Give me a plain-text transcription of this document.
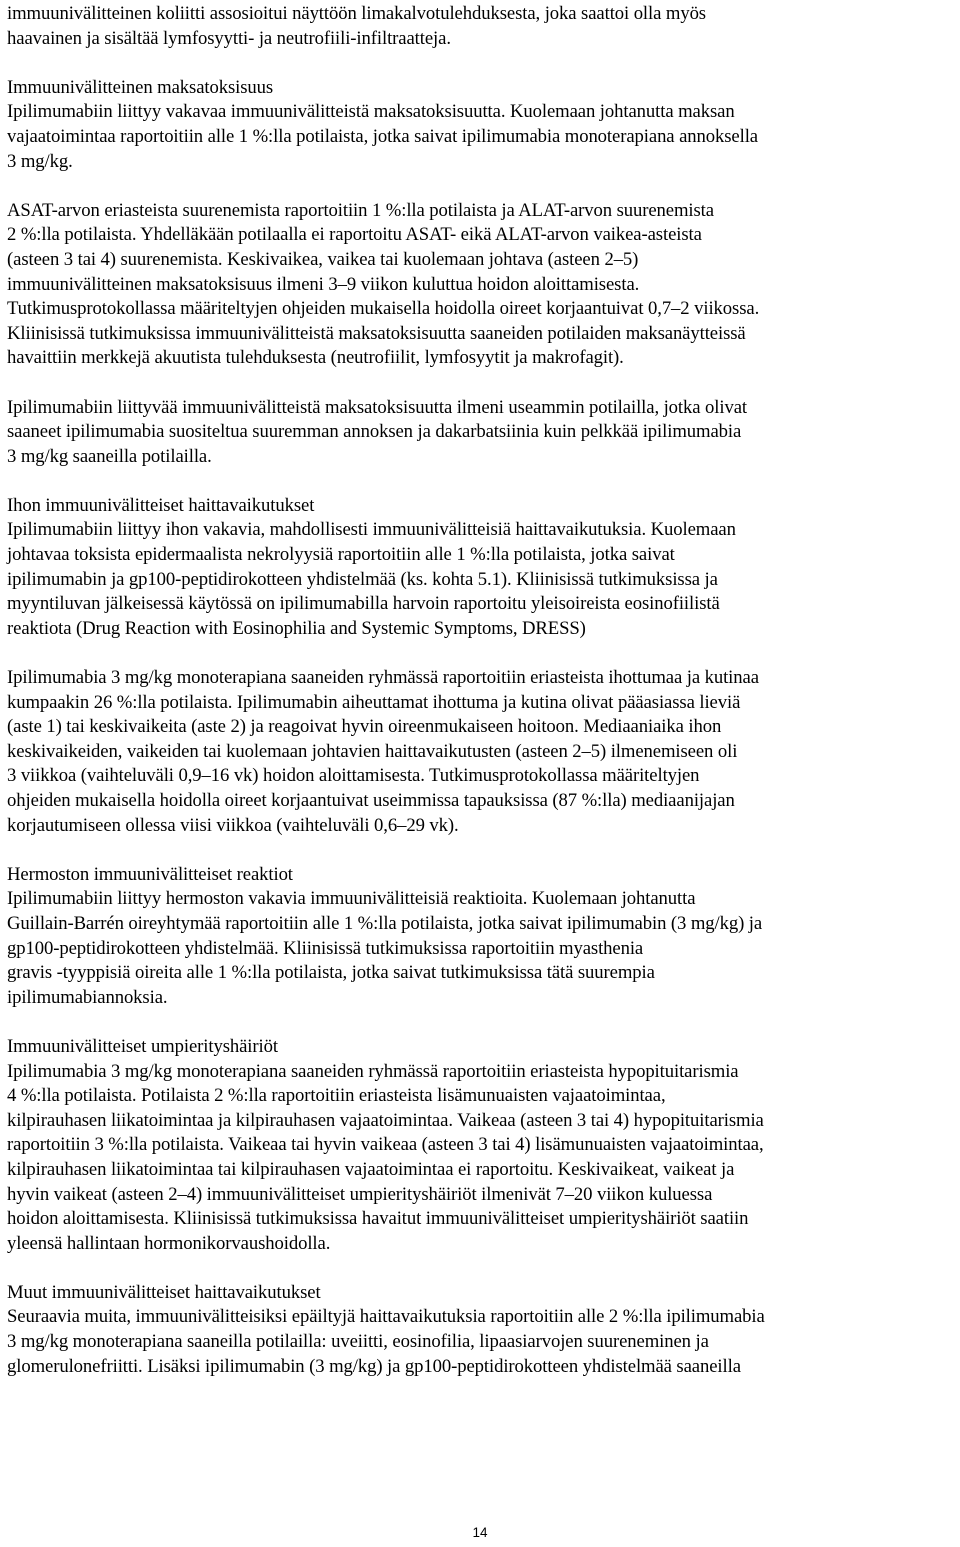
immuunivälitteinen koliitti assosioitui näyttöön limakalvotulehduksesta, joka saattoi olla myös
haavainen ja sisältää lymfosyytti- ja neutrofiili-infiltraatteja.

Immuunivälitteinen maksatoksisuus
Ipilimumabiin liittyy vakavaa immuunivälitteistä maksatoksisuutta. Kuolemaan johtanutta maksan
vajaatoimintaa raportoitiin alle 1 %:lla potilaista, jotka saivat ipilimumabia monoterapiana annoksella
3 mg/kg.

ASAT-arvon eriasteista suurenemista raportoitiin 1 %:lla potilaista ja ALAT-arvon suurenemista
2 %:lla potilaista. Yhdelläkään potilaalla ei raportoitu ASAT- eikä ALAT-arvon vaikea-asteista
(asteen 3 tai 4) suurenemista. Keskivaikea, vaikea tai kuolemaan johtava (asteen 2–5)
immuunivälitteinen maksatoksisuus ilmeni 3–9 viikon kuluttua hoidon aloittamisesta.
Tutkimusprotokollassa määriteltyjen ohjeiden mukaisella hoidolla oireet korjaantuivat 0,7–2 viikossa.
Kliinisissä tutkimuksissa immuunivälitteistä maksatoksisuutta saaneiden potilaiden maksanäytteissä
havaittiin merkkejä akuutista tulehduksesta (neutrofiilit, lymfosyytit ja makrofagit).

Ipilimumabiin liittyvää immuunivälitteistä maksatoksisuutta ilmeni useammin potilailla, jotka olivat
saaneet ipilimumabia suositeltua suuremman annoksen ja dakarbatsiinia kuin pelkkää ipilimumabia
3 mg/kg saaneilla potilailla.

Ihon immuunivälitteiset haittavaikutukset
Ipilimumabiin liittyy ihon vakavia, mahdollisesti immuunivälitteisiä haittavaikutuksia. Kuolemaan
johtavaa toksista epidermaalista nekrolyysiä raportoitiin alle 1 %:lla potilaista, jotka saivat
ipilimumabin ja gp100-peptidirokotteen yhdistelmää (ks. kohta 5.1). Kliinisissä tutkimuksissa ja
myyntiluvan jälkeisessä käytössä on ipilimumabilla harvoin raportoitu yleisoireista eosinofiilistä
reaktiota (Drug Reaction with Eosinophilia and Systemic Symptoms, DRESS)

Ipilimumabia 3 mg/kg monoterapiana saaneiden ryhmässä raportoitiin eriasteista ihottumaa ja kutinaa
kumpaakin 26 %:lla potilaista. Ipilimumabin aiheuttamat ihottuma ja kutina olivat pääasiassa lieviä
(aste 1) tai keskivaikeita (aste 2) ja reagoivat hyvin oireenmukaiseen hoitoon. Mediaaniaika ihon
keskivaikeiden, vaikeiden tai kuolemaan johtavien haittavaikutusten (asteen 2–5) ilmenemiseen oli
3 viikkoa (vaihteluväli 0,9–16 vk) hoidon aloittamisesta. Tutkimusprotokollassa määriteltyjen
ohjeiden mukaisella hoidolla oireet korjaantuivat useimmissa tapauksissa (87 %:lla) mediaanijajan
korjautumiseen ollessa viisi viikkoa (vaihteluväli 0,6–29 vk).

Hermoston immuunivälitteiset reaktiot
Ipilimumabiin liittyy hermoston vakavia immuunivälitteisiä reaktioita. Kuolemaan johtanutta
Guillain-Barrén oireyhtymää raportoitiin alle 1 %:lla potilaista, jotka saivat ipilimumabin (3 mg/kg) ja
gp100-peptidirokotteen yhdistelmää. Kliinisissä tutkimuksissa raportoitiin myasthenia
gravis -tyyppisiä oireita alle 1 %:lla potilaista, jotka saivat tutkimuksissa tätä suurempia
ipilimumabiannoksia.
Immuunivälitteiset umpierityshäiriöt
Ipilimumabia 3 mg/kg monoterapiana saaneiden ryhmässä raportoitiin eriasteista hypopituitarismia
4 %:lla potilaista. Potilaista 2 %:lla raportoitiin eriasteista lisämunuaisten vajaatoimintaa,
kilpirauhasen liikatoimintaa ja kilpirauhasen vajaatoimintaa. Vaikeaa (asteen 3 tai 4) hypopituitarismia
raportoitiin 3 %:lla potilaista. Vaikeaa tai hyvin vaikeaa (asteen 3 tai 4) lisämunuaisten vajaatoimintaa,
kilpirauhasen liikatoimintaa tai kilpirauhasen vajaatoimintaa ei raportoitu. Keskivaikeat, vaikeat ja
hyvin vaikeat (asteen 2–4) immuunivälitteiset umpierityshäiriöt ilmenivät 7–20 viikon kuluessa
hoidon aloittamisesta. Kliinisissä tutkimuksissa havaitut immuunivälitteiset umpierityshäiriöt saatiin
yleensä hallintaan hormonikorvaushoidolla.
Muut immuunivälitteiset haittavaikutukset
Seuraavia muita, immuunivälitteisiksi epäiltyjä haittavaikutuksia raportoitiin alle 2 %:lla ipilimumabia
3 mg/kg monoterapiana saaneilla potilailla: uveiitti, eosinofilia, lipaasiarvojen suureneminen ja
glomerulonefriitti. Lisäksi ipilimumabin (3 mg/kg) ja gp100-peptidirokotteen yhdistelmää saaneilla
14
